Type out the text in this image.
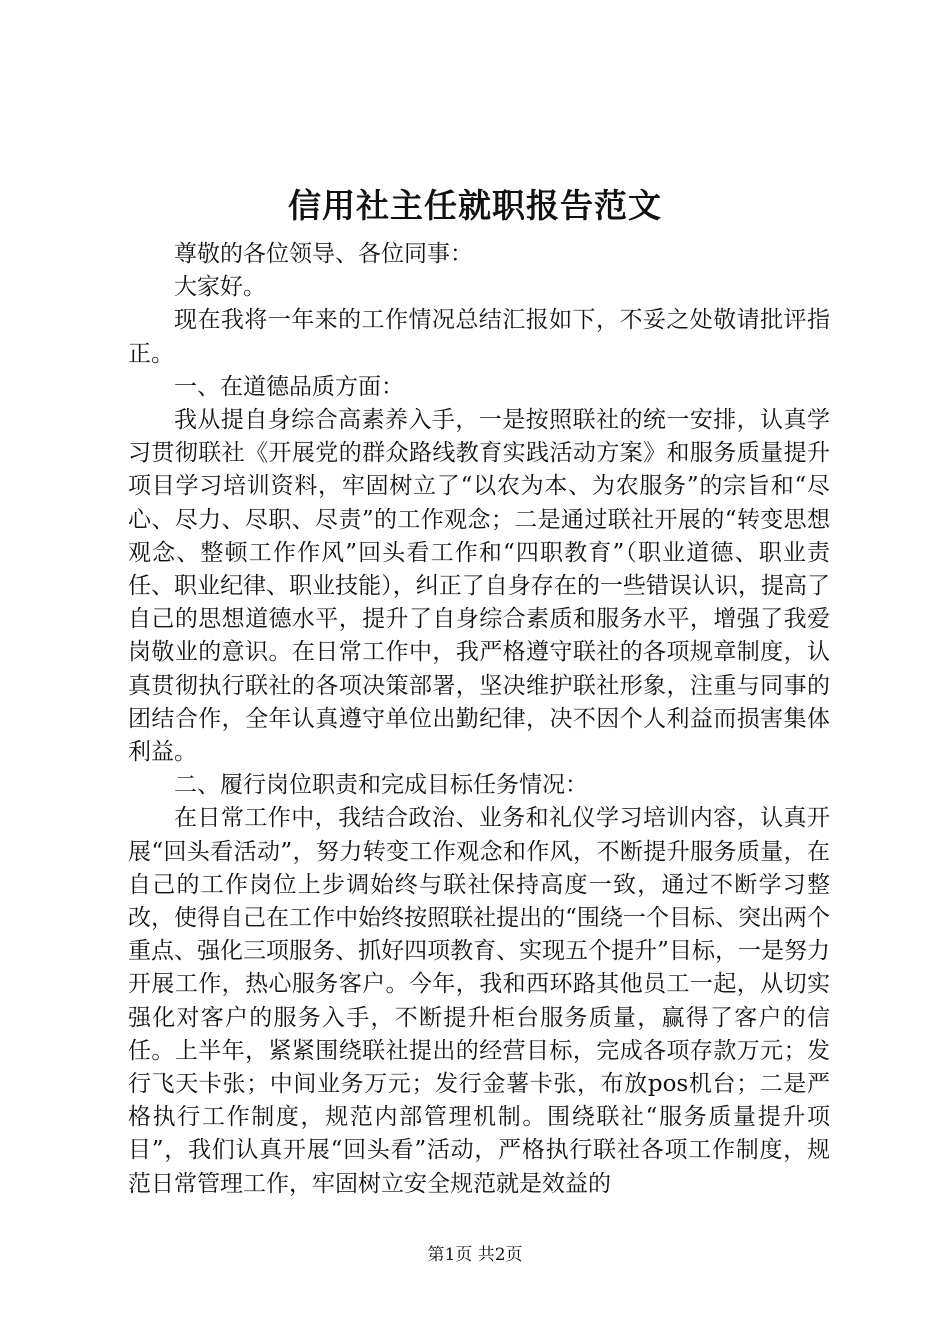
信用社主任就职报告范文

尊敬的各位领导、各位同事：

大家好。

现在我将一年来的工作情况总结汇报如下，不妥之处敬请批评指正。

一、在道德品质方面：

我从提自身综合高素养入手，一是按照联社的统一安排，认真学习贯彻联社《开展党的群众路线教育实践活动方案》和服务质量提升项目学习培训资料，牢固树立了“以农为本、为农服务”的宗旨和“尽心、尽力、尽职、尽责”的工作观念；二是通过联社开展的“转变思想观念、整顿工作作风”回头看工作和“四职教育”（职业道德、职业责任、职业纪律、职业技能），纠正了自身存在的一些错误认识，提高了自己的思想道德水平，提升了自身综合素质和服务水平，增强了我爱岗敬业的意识。在日常工作中，我严格遵守联社的各项规章制度，认真贯彻执行联社的各项决策部署，坚决维护联社形象，注重与同事的团结合作，全年认真遵守单位出勤纪律，决不因个人利益而损害集体利益。

二、履行岗位职责和完成目标任务情况：

在日常工作中，我结合政治、业务和礼仪学习培训内容，认真开展“回头看活动”，努力转变工作观念和作风，不断提升服务质量，在自己的工作岗位上步调始终与联社保持高度一致，通过不断学习整改，使得自己在工作中始终按照联社提出的“围绕一个目标、突出两个重点、强化三项服务、抓好四项教育、实现五个提升”目标，一是努力开展工作，热心服务客户。今年，我和西环路其他员工一起，从切实强化对客户的服务入手，不断提升柜台服务质量，赢得了客户的信任。上半年，紧紧围绕联社提出的经营目标，完成各项存款万元；发行飞天卡张；中间业务万元；发行金薯卡张，布放pos机台；二是严格执行工作制度，规范内部管理机制。围绕联社“服务质量提升项目”，我们认真开展“回头看”活动，严格执行联社各项工作制度，规范日常管理工作，牢固树立安全规范就是效益的

第1页 共2页
